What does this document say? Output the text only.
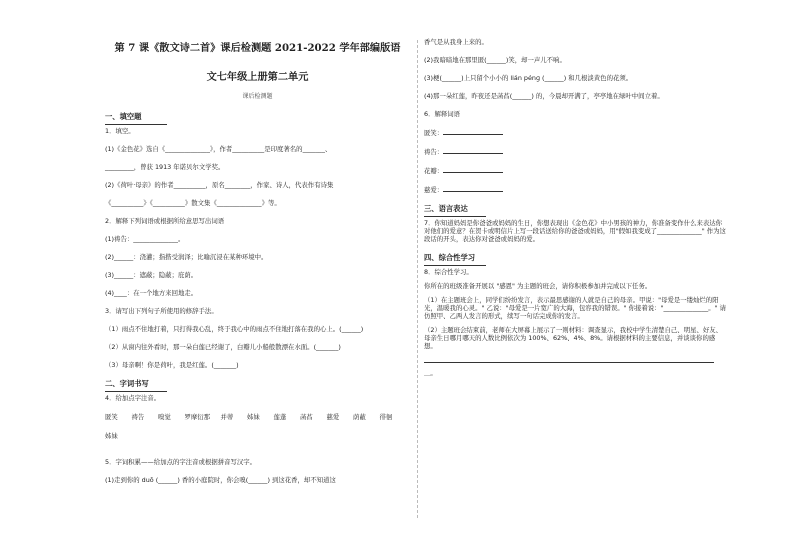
第 7 课《散文诗二首》课后检测题 2021-2022 学年部编版语
文七年级上册第二单元
课后检测题
一、填空题
1．填空。
(1)《金色花》选自《______________》，作者__________是印度著名的_______、
_________，曾获 1913 年诺贝尔文学奖。
(2)《荷叶·母亲》的作者__________，原名________，作家、诗人，代表作有诗集
《__________》《__________》散文集《______________》等。
2．解释下列词语或根据所给意思写出词语
(1)祷告：______________。
(2)______：浇灌；指揩受润泽；比喻沉浸在某种环境中。
(3)______：遮蔽；隐蔽；庇荫。
(4)____：在一个地方来回地走。
3．请写出下列句子所使用的修辞手法。
（1）雨点不住地打着，只打得我心乱，终于我心中的雨点不住地打落在我的心上。(______)
（2）从窗内往外看时，那一朵白莲已经谢了，白瓣儿小船般散漂在水面。(_______)
（3）母亲啊！你是荷叶，我是红莲。(_______)
二、字词书写
4．给加点字注音。
匿笑	祷告	嗅觉	罗摩衍那	并蒂	姊妹	莲蓬	菡萏	慈爱	荫蔽	徘徊
姊妹
5．字词积累——给加点的字注音或根据拼音写汉字。
(1)走到你的 duō (______) 香的小庭院时，你会嗅(______) 到这花香，却不知道这
香气是从我身上来的。
(2)我暗暗地在那里匿(______)笑，却一声儿不响。
(3)梗(______)上只留个小小的 lián pénɡ (______) 和几根淡黄色的花须。
(4)那一朵红莲，昨夜还是菡萏(______) 的，今晨却开满了，亭亭地在绿叶中间立着。
6．解释词语
匿笑：
祷告：
花瓣：
慈爱：
三、语言表达
7．你知道妈妈是你爸爸或妈妈的生日，你想表现出《金色花》中小男孩的神力，你准备变作什么来表达你对他们的爱意？在贺卡或明信片上写一段话送给你的爸爸或妈妈，用"假如我变成了______________" 作为这段话的开头，表达你对爸爸或妈妈的爱。
四、综合性学习
8．综合性学习。
你所在的班级准备开展以 "感恩" 为主题的班会，请你积极参加并完成以下任务。
（1）在主题班会上，同学们纷纷发言，表示最思感谢的人就是自己的母亲。甲说："母爱是一缕灿烂的阳光，温暖我的心灵。" 乙说："母爱是一片宽广的大海，包容我的错误。" 你接着说："______________。" 请仿照甲、乙两人发言的形式，续写一句话完成你的发言。
（2）主题班会结束前，老师在大屏幕上展示了一则材料：调查显示，我校中学生清楚自己、明星、好友、母亲生日哪月哪天的人数比例依次为 100%、62%、4%、8%。请根据材料的主要信息，并谈谈你的感想。
＿。
